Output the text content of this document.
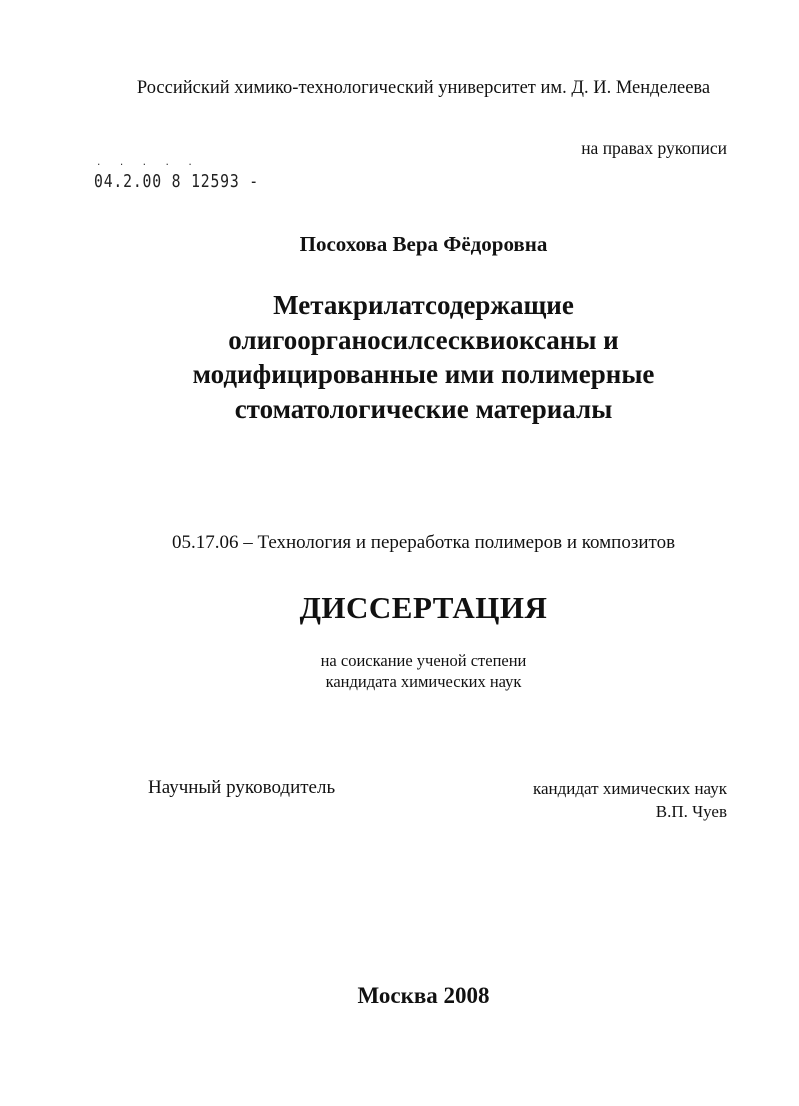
Российский химико-технологический университет им. Д. И. Менделеева
на правах рукописи
. . . . .
04.2.00 8 12593 -
Посохова Вера Фёдоровна
Метакрилатсодержащие
олигоорганосилсесквиоксаны и
модифицированные ими полимерные
стоматологические материалы
05.17.06 – Технология и переработка полимеров и композитов
ДИССЕРТАЦИЯ
на соискание ученой степени
кандидата химических наук
Научный руководитель	кандидат химических наук
В.П. Чуев
Москва 2008
